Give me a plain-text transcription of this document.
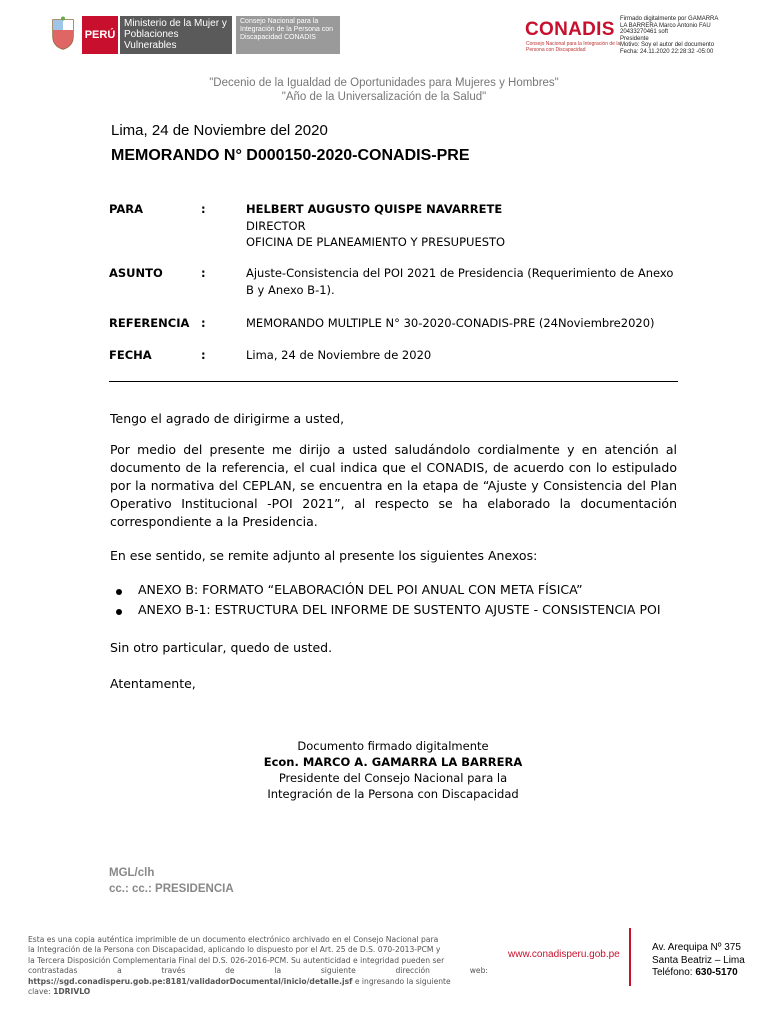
PERÚ
Ministerio de la Mujer y Poblaciones Vulnerables
Consejo Nacional para la Integración de la Persona con Discapacidad CONADIS	CONADIS
Consejo Nacional para la Integración de la Persona con Discapacidad
Firmado digitalmente por GAMARRA
LA BARRERA Marco Antonio FAU
20433270461 soft
Presidente
Motivo: Soy el autor del documento
Fecha: 24.11.2020 22:28:32 -05:00
"Decenio de la Igualdad de Oportunidades para Mujeres y Hombres"
"Año de la Universalización de la Salud"
Lima, 24 de Noviembre del 2020
MEMORANDO N° D000150-2020-CONADIS-PRE
PARA	:	HELBERT AUGUSTO QUISPE NAVARRETE
DIRECTOR
OFICINA DE PLANEAMIENTO Y PRESUPUESTO
ASUNTO	:	Ajuste-Consistencia del POI 2021 de Presidencia (Requerimiento de Anexo
B y Anexo B-1).
REFERENCIA :	MEMORANDO MULTIPLE N° 30-2020-CONADIS-PRE (24Noviembre2020)
FECHA	:	Lima, 24 de Noviembre de 2020
Tengo el agrado de dirigirme a usted,
Por medio del presente me dirijo a usted saludándolo cordialmente y en atención al documento de la referencia, el cual indica que el CONADIS, de acuerdo con lo estipulado por la normativa del CEPLAN, se encuentra en la etapa de “Ajuste y Consistencia del Plan Operativo Institucional -POI 2021”, al respecto se ha elaborado la documentación correspondiente a la Presidencia.
En ese sentido, se remite adjunto al presente los siguientes Anexos:
ANEXO B: FORMATO “ELABORACIÓN DEL POI ANUAL CON META FÍSICA”
ANEXO B-1: ESTRUCTURA DEL INFORME DE SUSTENTO AJUSTE - CONSISTENCIA POI
Sin otro particular, quedo de usted.
Atentamente,
Documento firmado digitalmente
Econ. MARCO A. GAMARRA LA BARRERA
Presidente del Consejo Nacional para la
Integración de la Persona con Discapacidad
MGL/clh
cc.: cc.: PRESIDENCIA
Esta es una copia auténtica imprimible de un documento electrónico archivado en el Consejo Nacional para
la Integración de la Persona con Discapacidad, aplicando lo dispuesto por el Art. 25 de D.S. 070-2013-PCM y
la Tercera Disposición Complementaria Final del D.S. 026-2016-PCM. Su autenticidad e integridad pueden ser
contrastadas	a	través	de	la	siguiente	dirección	web:
https://sgd.conadisperu.gob.pe:8181/validadorDocumental/inicio/detalle.jsf e ingresando la siguiente
clave: 1DRIVLO
www.conadisperu.gob.pe
Av. Arequipa Nº 375
Santa Beatriz – Lima
Teléfono: 630-5170
